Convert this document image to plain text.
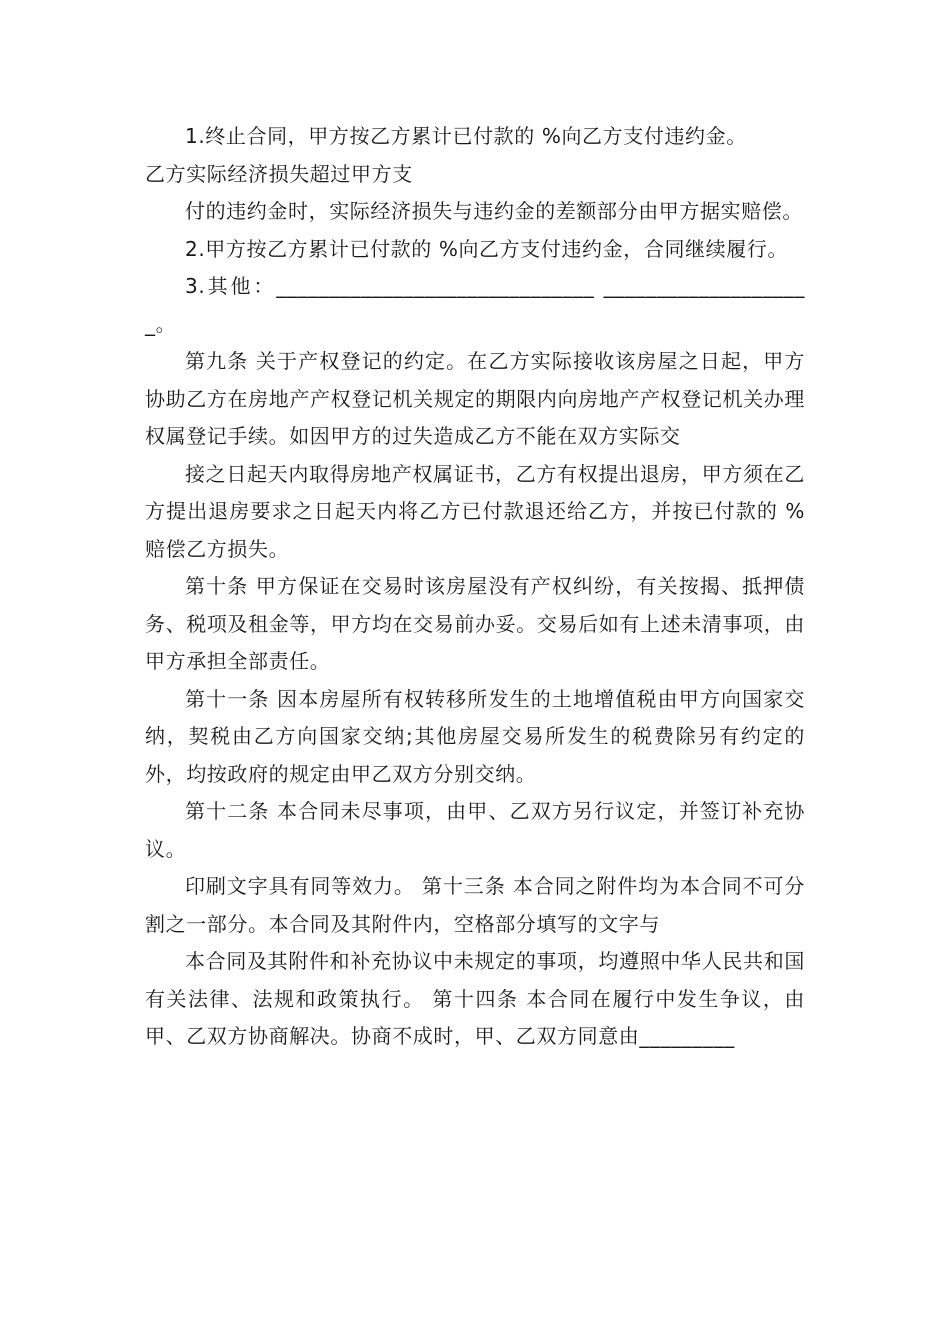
1.终止合同，甲方按乙方累计已付款的 %向乙方支付违约金。

乙方实际经济损失超过甲方支

付的违约金时，实际经济损失与违约金的差额部分由甲方据实赔偿。

2.甲方按乙方累计已付款的 %向乙方支付违约金，合同继续履行。

3.其他：______________________________ ___________________ _。

第九条 关于产权登记的约定。在乙方实际接收该房屋之日起，甲方协助乙方在房地产产权登记机关规定的期限内向房地产产权登记机关办理权属登记手续。如因甲方的过失造成乙方不能在双方实际交

接之日起天内取得房地产权属证书，乙方有权提出退房，甲方须在乙方提出退房要求之日起天内将乙方已付款退还给乙方，并按已付款的 %赔偿乙方损失。

第十条 甲方保证在交易时该房屋没有产权纠纷，有关按揭、抵押债务、税项及租金等，甲方均在交易前办妥。交易后如有上述未清事项，由甲方承担全部责任。

第十一条 因本房屋所有权转移所发生的土地增值税由甲方向国家交纳，契税由乙方向国家交纳;其他房屋交易所发生的税费除另有约定的外，均按政府的规定由甲乙双方分别交纳。

第十二条 本合同未尽事项，由甲、乙双方另行议定，并签订补充协议。

印刷文字具有同等效力。 第十三条 本合同之附件均为本合同不可分割之一部分。本合同及其附件内，空格部分填写的文字与

本合同及其附件和补充协议中未规定的事项，均遵照中华人民共和国有关法律、法规和政策执行。 第十四条 本合同在履行中发生争议，由甲、乙双方协商解决。协商不成时，甲、乙双方同意由_________
